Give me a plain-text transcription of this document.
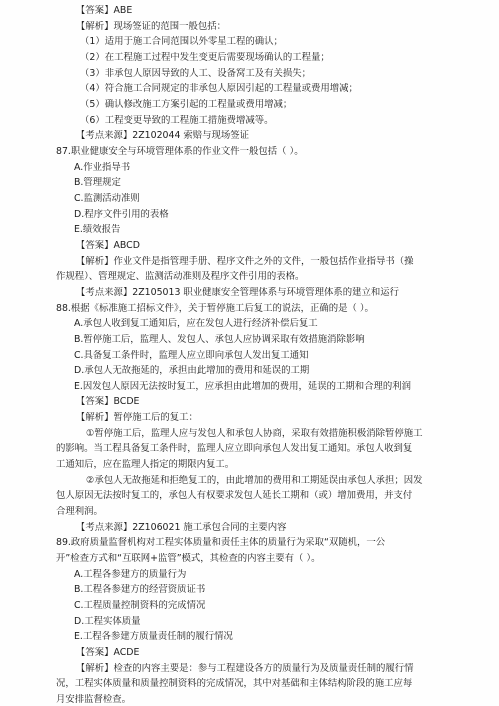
【答案】ABE
【解析】现场签证的范围一般包括：
（1）适用于施工合同范围以外零星工程的确认；
（2）在工程施工过程中发生变更后需要现场确认的工程量；
（3）非承包人原因导致的人工、设备窝工及有关损失；
（4）符合施工合同规定的非承包人原因引起的工程量或费用增减；
（5）确认修改施工方案引起的工程量或费用增减；
（6）工程变更导致的工程施工措施费增减等。
【考点来源】2Z102044 索赔与现场签证
87.职业健康安全与环境管理体系的作业文件一般包括（ ）。
A.作业指导书
B.管理规定
C.监测活动准则
D.程序文件引用的表格
E.绩效报告
【答案】ABCD
【解析】作业文件是指管理手册、程序文件之外的文件，一般包括作业指导书（操
作规程）、管理规定、监测活动准则及程序文件引用的表格。
【考点来源】2Z105013 职业健康安全管理体系与环境管理体系的建立和运行
88.根据《标准施工招标文件》，关于暂停施工后复工的说法，正确的是（ ）。
A.承包人收到复工通知后，应在发包人进行经济补偿后复工
B.暂停施工后，监理人、发包人、承包人应协调采取有效措施消除影响
C.具备复工条件时，监理人应立即向承包人发出复工通知
D.承包人无故拖延的，承担由此增加的费用和延误的工期
E.因发包人原因无法按时复工，应承担由此增加的费用，延误的工期和合理的利润
【答案】BCDE
【解析】暂停施工后的复工：
①暂停施工后，监理人应与发包人和承包人协商，采取有效措施积极消除暂停施工
的影响。当工程具备复工条件时，监理人应立即向承包人发出复工通知。承包人收到复
工通知后，应在监理人指定的期限内复工。
②承包人无故拖延和拒绝复工的，由此增加的费用和工期延误由承包人承担；因发
包人原因无法按时复工的，承包人有权要求发包人延长工期和（或）增加费用，并支付
合理利润。
【考点来源】2Z106021 施工承包合同的主要内容
89.政府质量监督机构对工程实体质量和责任主体的质量行为采取“双随机，一公
开”检查方式和“互联网+监管”模式，其检查的内容主要有（ ）。
A.工程各参建方的质量行为
B.工程各参建方的经营资质证书
C.工程质量控制资料的完成情况
D.工程实体质量
E.工程各参建方质量责任制的履行情况
【答案】ACDE
【解析】检查的内容主要是：参与工程建设各方的质量行为及质量责任制的履行情
况，工程实体质量和质量控制资料的完成情况，其中对基础和主体结构阶段的施工应每
月安排监督检查。
